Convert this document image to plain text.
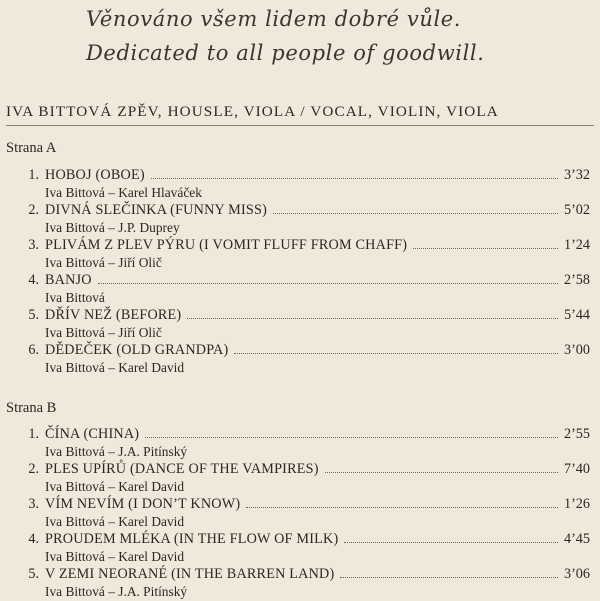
Věnováno všem lidem dobré vůle.
Dedicated to all people of goodwill.
IVA BITTOVÁ ZPĚV, HOUSLE, VIOLA / VOCAL, VIOLIN, VIOLA
Strana A
1. HOBOJ (OBOE)	3’32
Iva Bittová – Karel Hlaváček
2. DIVNÁ SLEČINKA (FUNNY MISS)	5’02
Iva Bittová – J.P. Duprey
3. PLIVÁM Z PLEV PÝRU (I VOMIT FLUFF FROM CHAFF)	1’24
Iva Bittová – Jiří Olič
4. BANJO	2’58
Iva Bittová
5. DŘÍV NEŽ (BEFORE)	5’44
Iva Bittová – Jiří Olič
6. DĚDEČEK (OLD GRANDPA)	3’00
Iva Bittová – Karel David
Strana B
1. ČÍNA (CHINA)	2’55
Iva Bittová – J.A. Pitínský
2. PLES UPÍRŮ (DANCE OF THE VAMPIRES)	7’40
Iva Bittová – Karel David
3. VÍM NEVÍM (I DON’T KNOW)	1’26
Iva Bittová – Karel David
4. PROUDEM MLÉKA (IN THE FLOW OF MILK)	4’45
Iva Bittová – Karel David
5. V ZEMI NEORANÉ (IN THE BARREN LAND)	3’06
Iva Bittová – J.A. Pitínský
